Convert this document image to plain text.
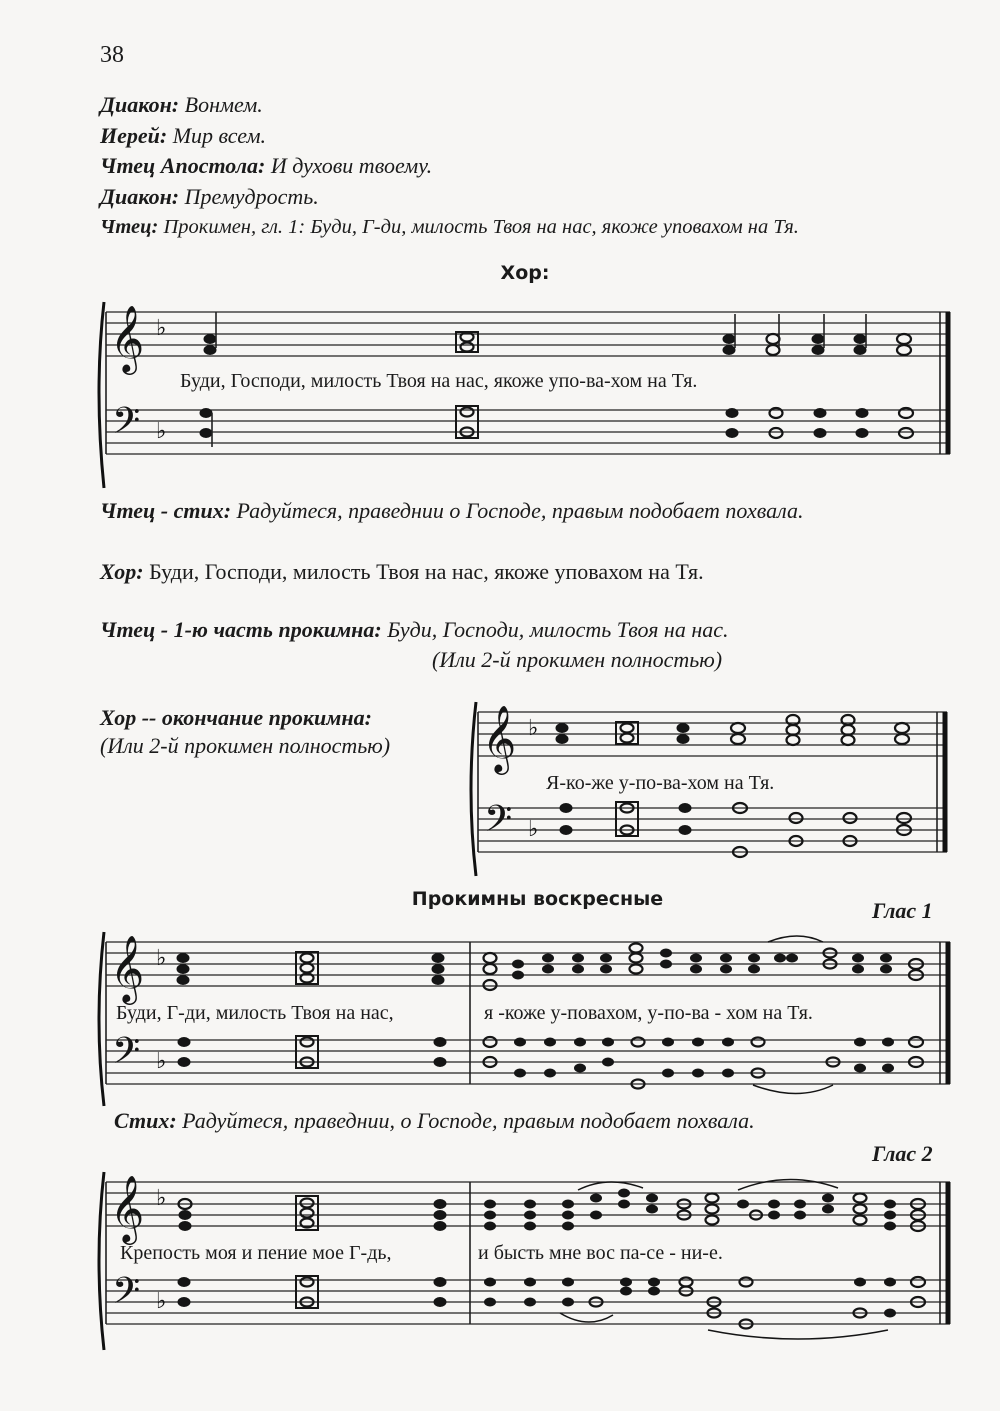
38
Диакон: Вонмем.
Иерей: Мир всем.
Чтец Апостола: И духови твоему.
Диакон: Премудрость.
Чтец: Прокимен, гл. 1: Буди, Г-ди, милость Твоя на нас, якоже уповахом на Тя.
Хор:
𝄞
𝄢
♭
♭
Буди, Господи, милость Твоя на нас, якоже упо-ва-хом на Тя.
Чтец - стих: Радуйтеся, праведнии о Господе, правым подобает похвала.
Хор: Буди, Господи, милость Твоя на нас, якоже уповахом на Тя.
Чтец - 1-ю часть прокимна: Буди, Господи, милость Твоя на нас.
(Или 2-й прокимен полностью)
Хор -- окончание прокимна:
(Или 2-й прокимен полностью) 𝄞
𝄢
♭
♭
Я-ко-же у-по-ва-хом на Тя.
Прокимны воскресные	Глас 1
𝄞
𝄢
♭
♭
Буди, Г-ди, милость Твоя на нас,	я -коже у-повахом, у-по-ва - хом на Тя.
Стих: Радуйтеся, праведнии, о Господе, правым подобает похвала.
Глас 2
𝄞
𝄢
♭
♭
Крепость моя и пение мое Г-дь,	и бысть мне вос па-се - ни-е.
